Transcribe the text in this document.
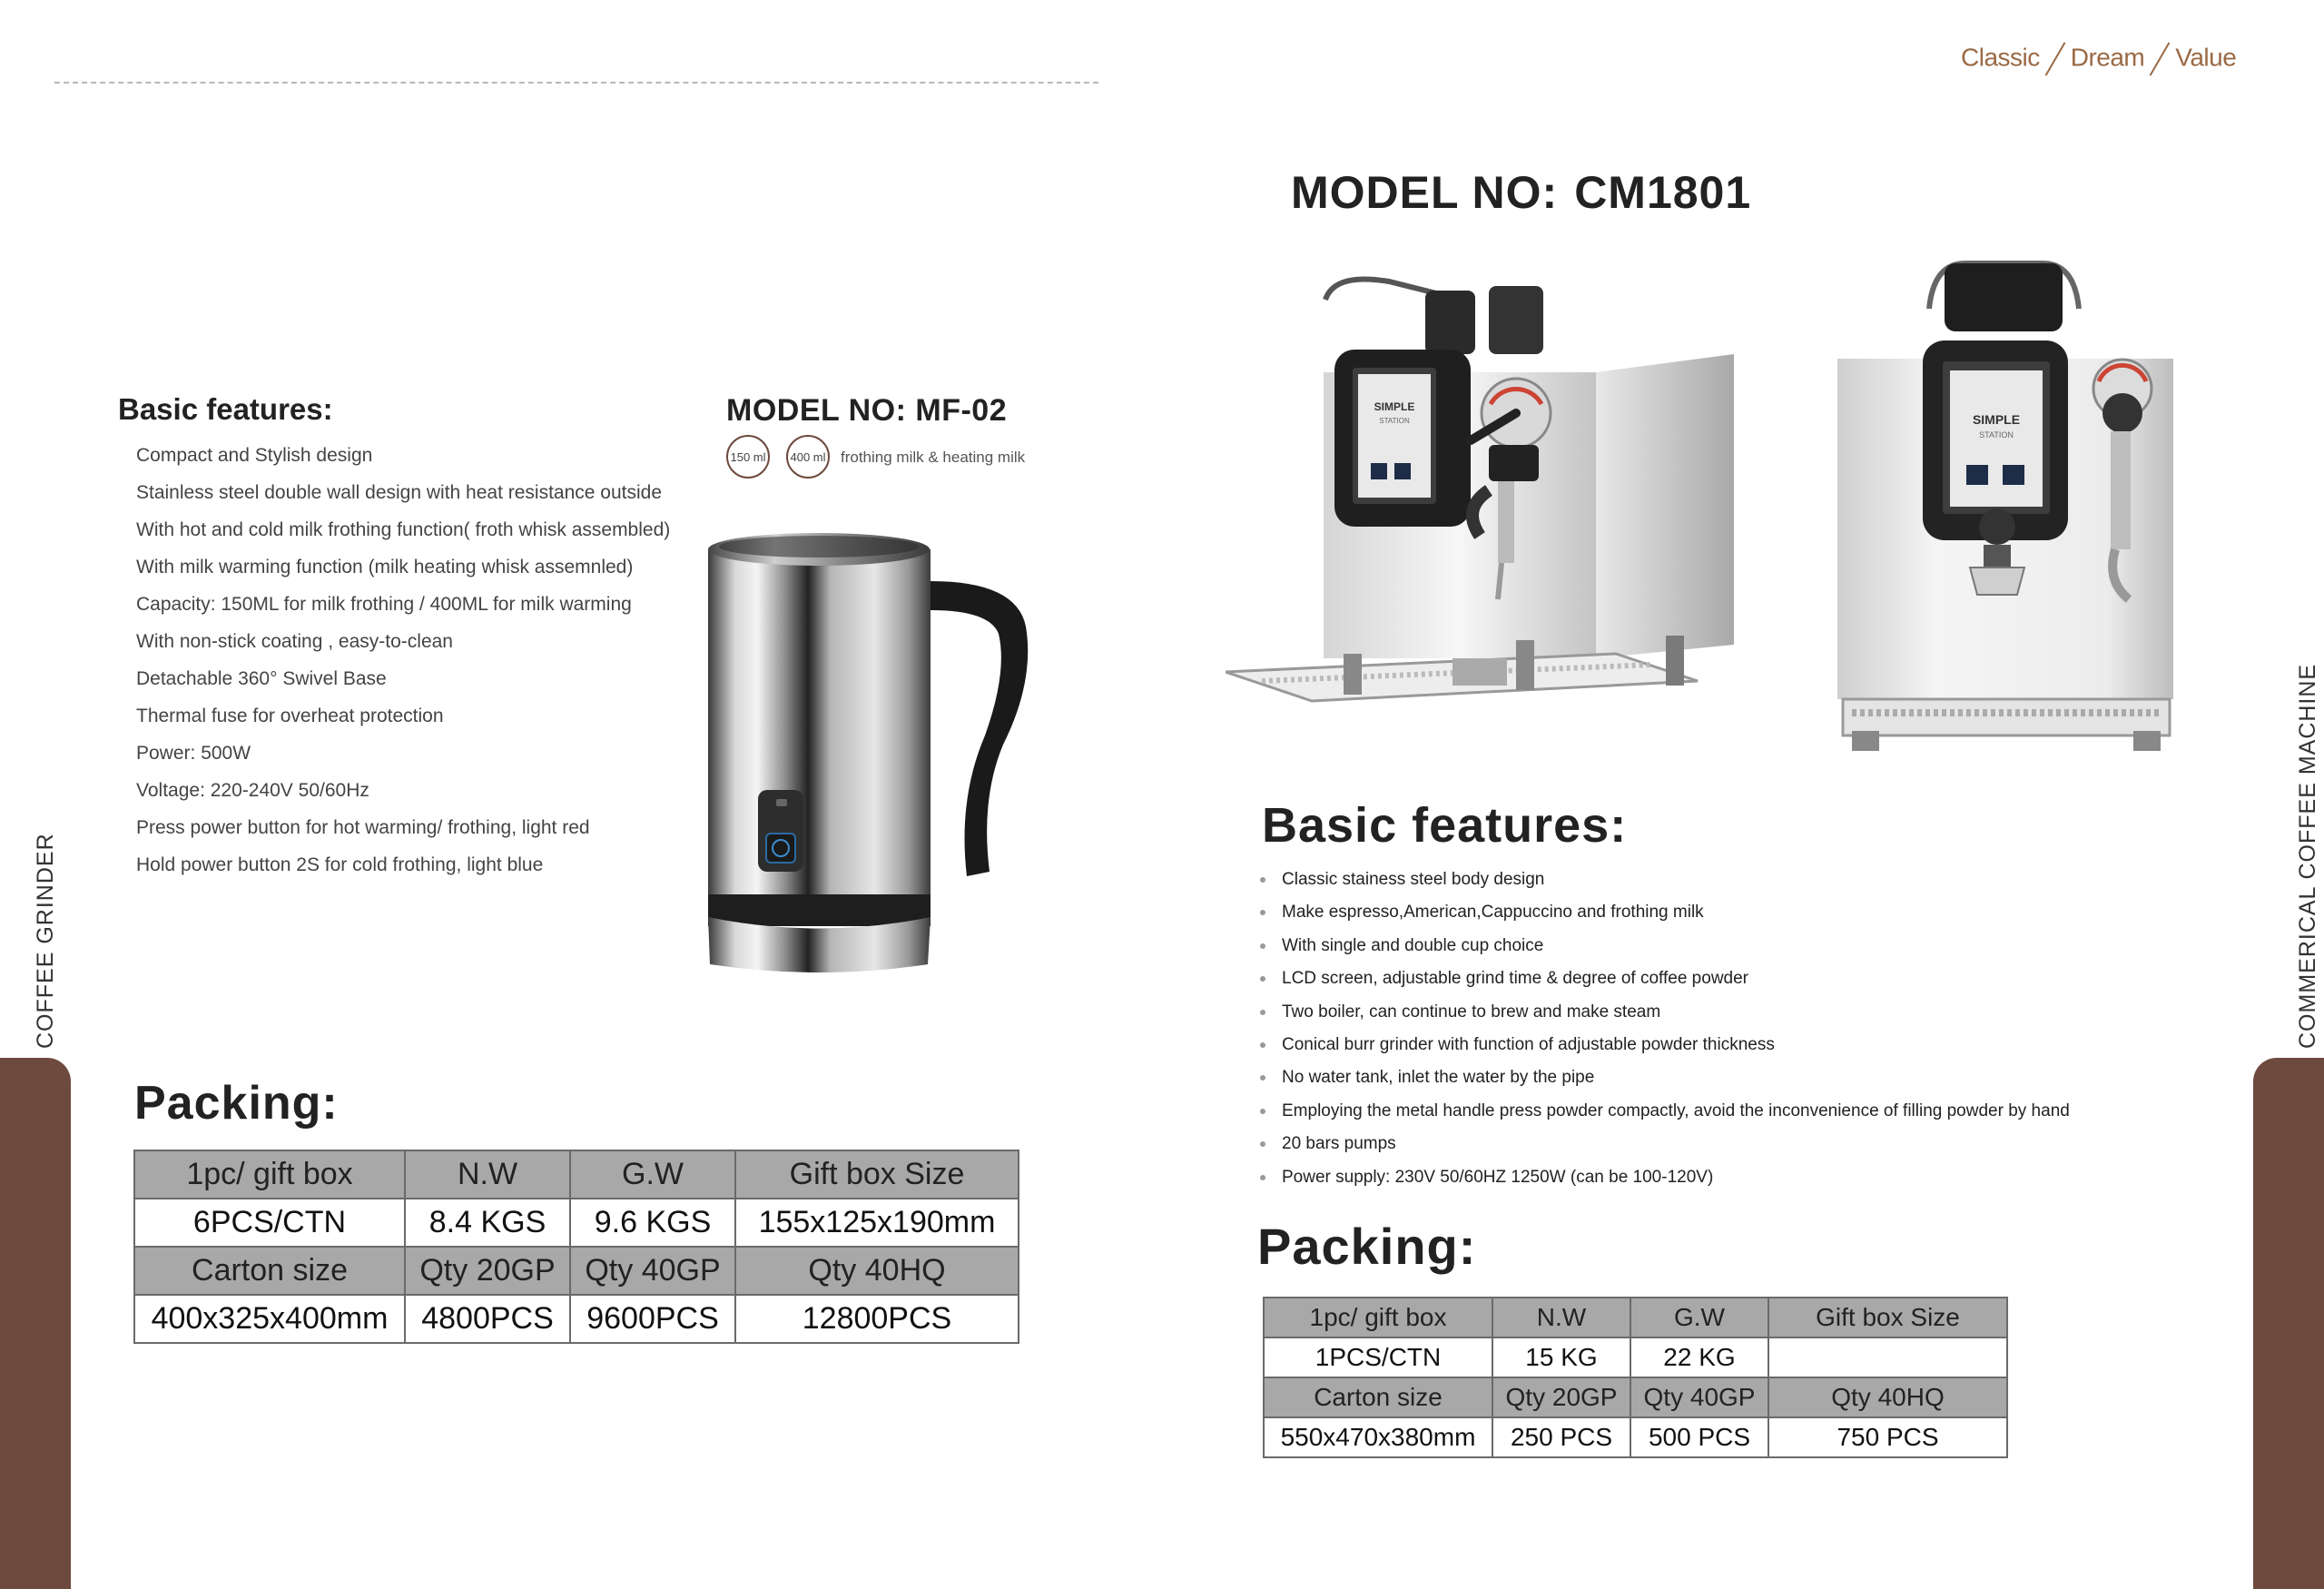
Classic Dream Value
COFFEE GRINDER	COMMERICAL COFFEE MACHINE
Basic features:
Compact and Stylish design
Stainless steel double wall design with heat resistance outside
With hot and cold milk frothing function( froth whisk assembled)
With milk warming function (milk heating whisk assemnled)
Capacity: 150ML for milk frothing / 400ML for milk warming
With non-stick coating , easy-to-clean
Detachable 360° Swivel Base
Thermal fuse for overheat protection
Power: 500W
Voltage: 220-240V 50/60Hz
Press power button for hot warming/ frothing, light red
Hold power button 2S for cold frothing, light blue
MODEL NO: MF-02
150 ml	400 ml frothing milk & heating milk
Packing:
1pc/ gift box	N.W	G.W	Gift box Size
6PCS/CTN	8.4 KGS	9.6 KGS	155x125x190mm
Carton size	Qty 20GP	Qty 40GP	Qty 40HQ
400x325x400mm	4800PCS	9600PCS	12800PCS
MODEL NO: CM1801
SIMPLE
STATION	SIMPLE
STATION
Basic features:
Classic stainess steel body design
Make espresso,American,Cappuccino and frothing milk
With single and double cup choice
LCD screen, adjustable grind time & degree of coffee powder
Two boiler, can continue to brew and make steam
Conical burr grinder with function of adjustable powder thickness
No water tank, inlet the water by the pipe
Employing the metal handle press powder compactly, avoid the inconvenience of filling powder by hand
20 bars pumps
Power supply: 230V 50/60HZ 1250W (can be 100-120V)
Packing:
1pc/ gift box	N.W	G.W	Gift box Size
1PCS/CTN	15 KG	22 KG	
Carton size	Qty 20GP	Qty 40GP	Qty 40HQ
550x470x380mm	250 PCS	500 PCS	750 PCS
